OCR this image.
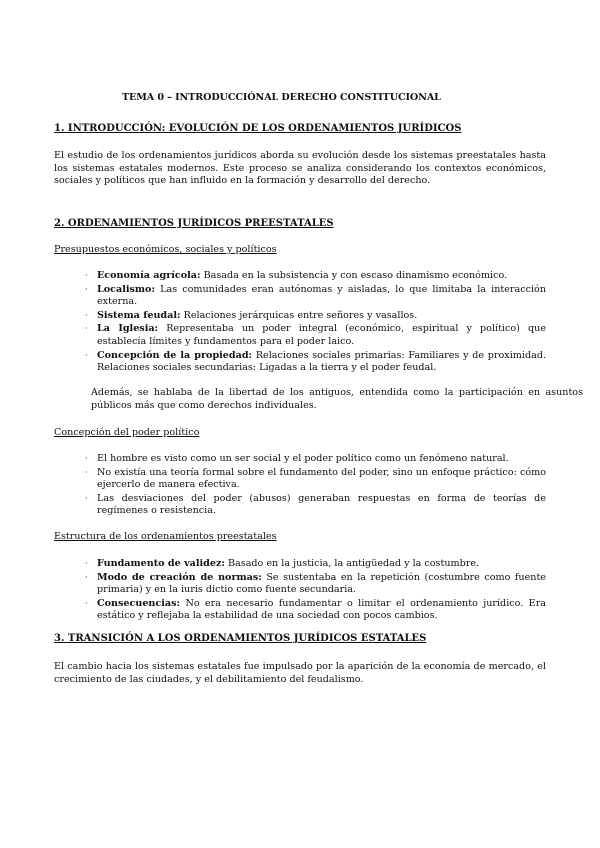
TEMA 0 – INTRODUCCIÓNAL DERECHO CONSTITUCIONAL
1. INTRODUCCIÓN: EVOLUCIÓN DE LOS ORDENAMIENTOS JURÍDICOS
El estudio de los ordenamientos jurídicos aborda su evolución desde los sistemas preestatales hasta los sistemas estatales modernos. Este proceso se analiza considerando los contextos económicos, sociales y políticos que han influido en la formación y desarrollo del derecho.
2. ORDENAMIENTOS JURÍDICOS PREESTATALES
Presupuestos económicos, sociales y políticos
· Economía agrícola: Basada en la subsistencia y con escaso dinamismo económico.
· Localismo: Las comunidades eran autónomas y aisladas, lo que limitaba la interacción externa.
· Sistema feudal: Relaciones jerárquicas entre señores y vasallos.
· La Iglesia: Representaba un poder integral (económico, espiritual y político) que establecía límites y fundamentos para el poder laico.
· Concepción de la propiedad: Relaciones sociales primarias: Familiares y de proximidad. Relaciones sociales secundarias: Ligadas a la tierra y el poder feudal.
Además, se hablaba de la libertad de los antiguos, entendida como la participación en asuntos públicos más que como derechos individuales.
Concepción del poder político
· El hombre es visto como un ser social y el poder político como un fenómeno natural.
· No existía una teoría formal sobre el fundamento del poder, sino un enfoque práctico: cómo ejercerlo de manera efectiva.
· Las desviaciones del poder (abusos) generaban respuestas en forma de teorías de regímenes o resistencia.
Estructura de los ordenamientos preestatales
· Fundamento de validez: Basado en la justicia, la antigüedad y la costumbre.
· Modo de creación de normas: Se sustentaba en la repetición (costumbre como fuente primaria) y en la iuris dictio como fuente secundaria.
· Consecuencias: No era necesario fundamentar o limitar el ordenamiento jurídico. Era estático y reflejaba la estabilidad de una sociedad con pocos cambios.
3. TRANSICIÓN A LOS ORDENAMIENTOS JURÍDICOS ESTATALES
El cambio hacia los sistemas estatales fue impulsado por la aparición de la economía de mercado, el crecimiento de las ciudades, y el debilitamiento del feudalismo.
